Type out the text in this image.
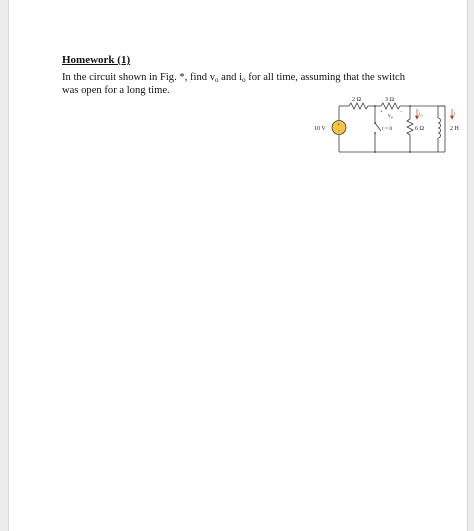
Homework (1)
In the circuit shown in Fig. *, find $v_o$ and $i_o$ for all time, assuming that the switch
was open for a long time.
+
−
2 Ω	3 Ω
10 V
+
$v_o$
−
t = 0
$i_o$
6 Ω	2 H
i
